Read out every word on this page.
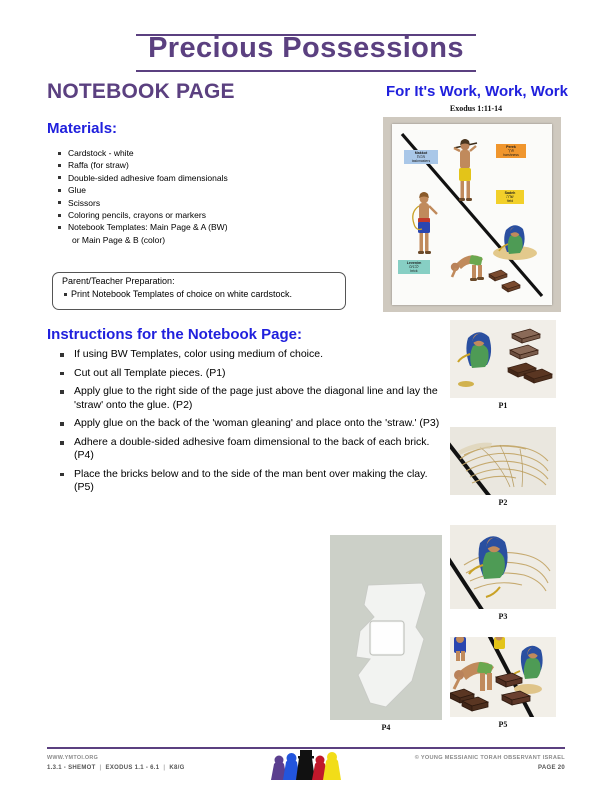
Precious Possessions
NOTEBOOK PAGE	For It's Work, Work, Work
Exodus 1:11-14
Materials:
Cardstock - white
Raffa (for straw)
Double-sided adhesive foam dimensionals
Glue
Scissors
Coloring pencils, crayons or markers
Notebook Templates: Main Page & A (BW)
or Main Page & B (color)
Parent/Teacher Preparation:
Print Notebook Templates of choice on white cardstock.
Instructions for the Notebook Page:
If using BW Templates, color using medium of choice.
Cut out all Template pieces. (P1)
Apply glue to the right side of the page just above the diagonal line and lay the 'straw' onto the glue. (P2)
Apply glue on the back of the 'woman gleaning' and place onto the 'straw.' (P3)
Adhere a double-sided adhesive foam dimensional to the back of each brick. (P4)
Place the bricks below and to the side of the man bent over making the clay. (P5)
Makkot
מכות
taskmasters
Perek
פרך
harshness
Sadeh
שדה
field
Levenim
לבנים
brick
P1
P2
P3
P4	P5
WWW.YMTOI.ORG
1.3.1 - SHEMOT | EXODUS 1.1 - 6.1 | K8/G
© YOUNG MESSIANIC TORAH OBSERVANT ISRAEL
PAGE 20
